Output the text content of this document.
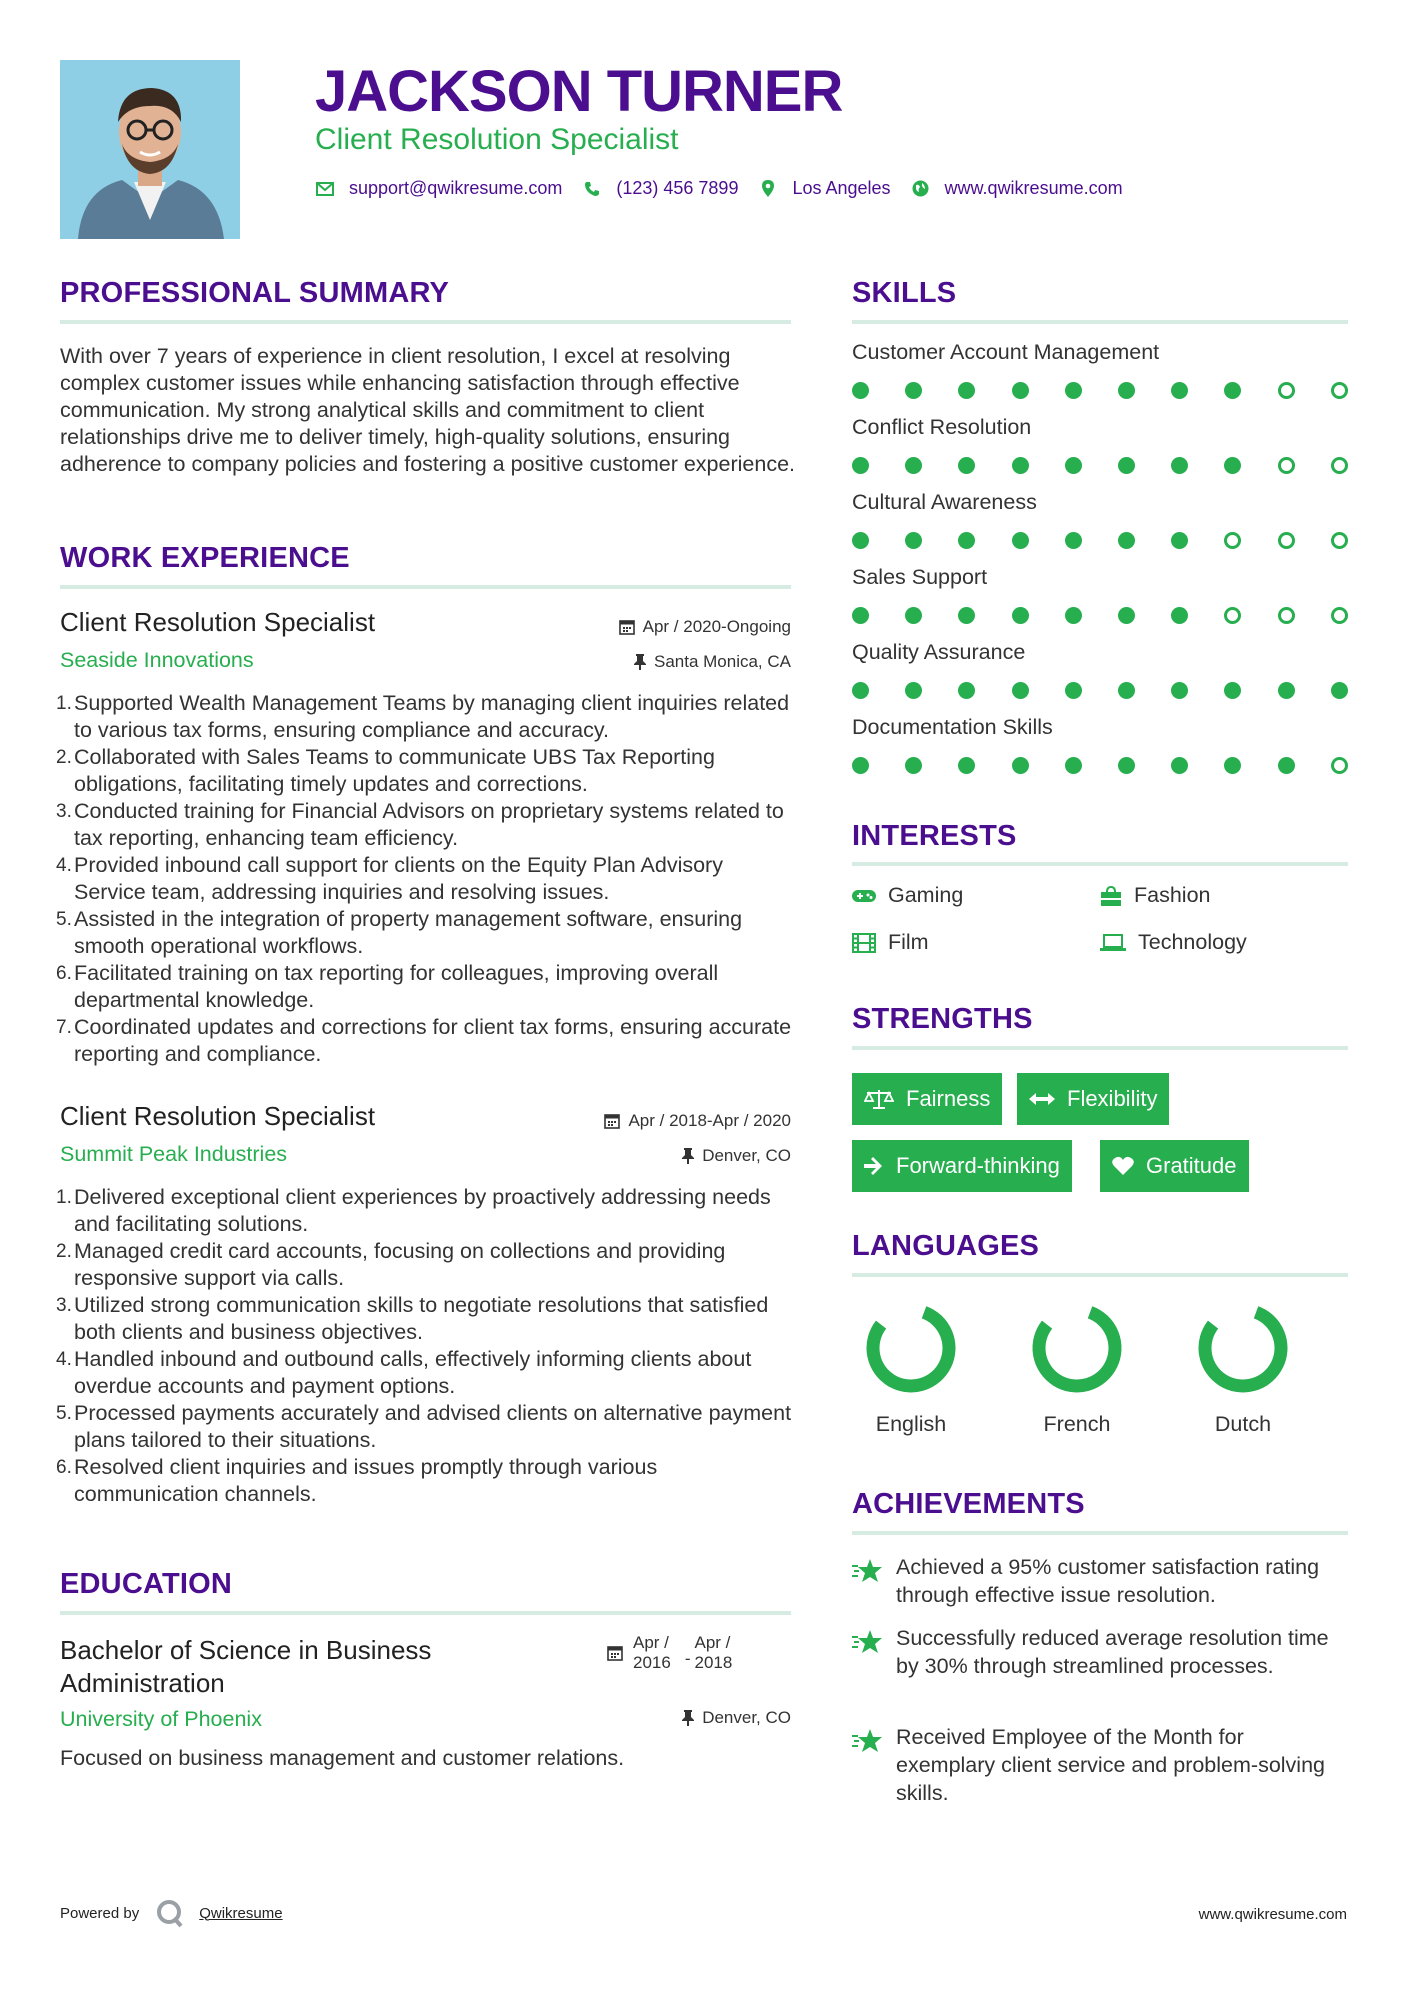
JACKSON TURNER
Client Resolution Specialist
support@qwikresume.com	(123) 456 7899	Los Angeles	www.qwikresume.com
PROFESSIONAL SUMMARY
With over 7 years of experience in client resolution, I excel at resolving complex customer issues while enhancing satisfaction through effective communication. My strong analytical skills and commitment to client relationships drive me to deliver timely, high-quality solutions, ensuring adherence to company policies and fostering a positive customer experience.
WORK EXPERIENCE
Client Resolution Specialist
Seaside Innovations
Apr / 2020-Ongoing
Santa Monica, CA
1. Supported Wealth Management Teams by managing client inquiries related to various tax forms, ensuring compliance and accuracy.
2. Collaborated with Sales Teams to communicate UBS Tax Reporting obligations, facilitating timely updates and corrections.
3. Conducted training for Financial Advisors on proprietary systems related to tax reporting, enhancing team efficiency.
4. Provided inbound call support for clients on the Equity Plan Advisory Service team, addressing inquiries and resolving issues.
5. Assisted in the integration of property management software, ensuring smooth operational workflows.
6. Facilitated training on tax reporting for colleagues, improving overall departmental knowledge.
7. Coordinated updates and corrections for client tax forms, ensuring accurate reporting and compliance.
Client Resolution Specialist
Summit Peak Industries
Apr / 2018-Apr / 2020
Denver, CO
1. Delivered exceptional client experiences by proactively addressing needs and facilitating solutions.
2. Managed credit card accounts, focusing on collections and providing responsive support via calls.
3. Utilized strong communication skills to negotiate resolutions that satisfied both clients and business objectives.
4. Handled inbound and outbound calls, effectively informing clients about overdue accounts and payment options.
5. Processed payments accurately and advised clients on alternative payment plans tailored to their situations.
6. Resolved client inquiries and issues promptly through various communication channels.
EDUCATION
Bachelor of Science in Business
Administration
University of Phoenix
Apr /
2016 -
Apr /
2018
Denver, CO
Focused on business management and customer relations.
SKILLS
Customer Account Management
Conflict Resolution
Cultural Awareness
Sales Support
Quality Assurance
Documentation Skills
INTERESTS
Gaming	Fashion
Film	Technology
STRENGTHS
Fairness	Flexibility
Forward-thinking	Gratitude
LANGUAGES
English	French	Dutch
ACHIEVEMENTS
Achieved a 95% customer satisfaction rating through effective issue resolution.
Successfully reduced average resolution time by 30% through streamlined processes.
Received Employee of the Month for exemplary client service and problem-solving skills.
Powered by	Qwikresume	www.qwikresume.com
